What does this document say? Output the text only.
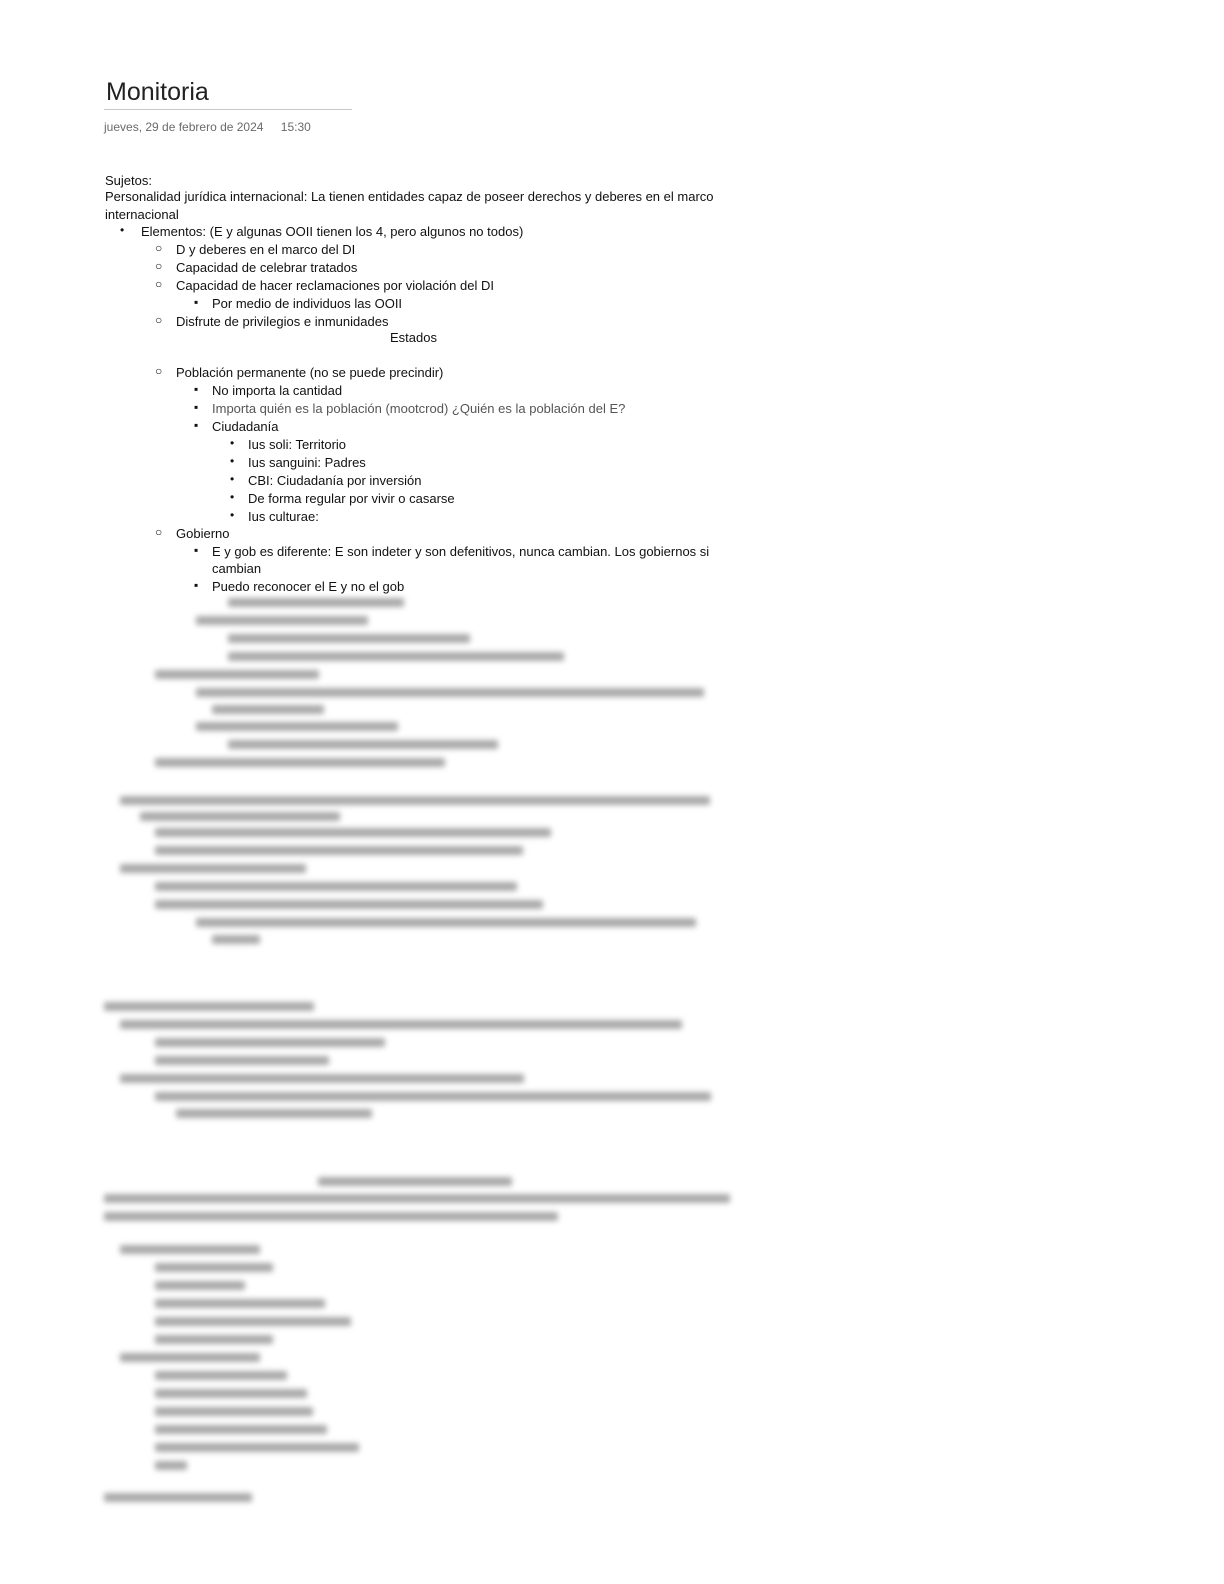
Monitoria
jueves, 29 de febrero de 2024 15:30
Sujetos:
Personalidad jurídica internacional: La tienen entidades capaz de poseer derechos y deberes en el marco internacional
• Elementos: (E y algunas OOII tienen los 4, pero algunos no todos)
○ D y deberes en el marco del DI
○ Capacidad de celebrar tratados
○ Capacidad de hacer reclamaciones por violación del DI
▪ Por medio de individuos las OOII
○ Disfrute de privilegios e inmunidades
Estados
○ Población permanente (no se puede precindir)
▪ No importa la cantidad
▪ Importa quién es la población (mootcrod) ¿Quién es la población del E?
▪ Ciudadanía
• Ius soli: Territorio
• Ius sanguini: Padres
• CBI: Ciudadanía por inversión
• De forma regular por vivir o casarse
• Ius culturae:
○ Gobierno
▪ E y gob es diferente: E son indeter y son defenitivos, nunca cambian. Los gobiernos si cambian
▪ Puedo reconocer el E y no el gob
